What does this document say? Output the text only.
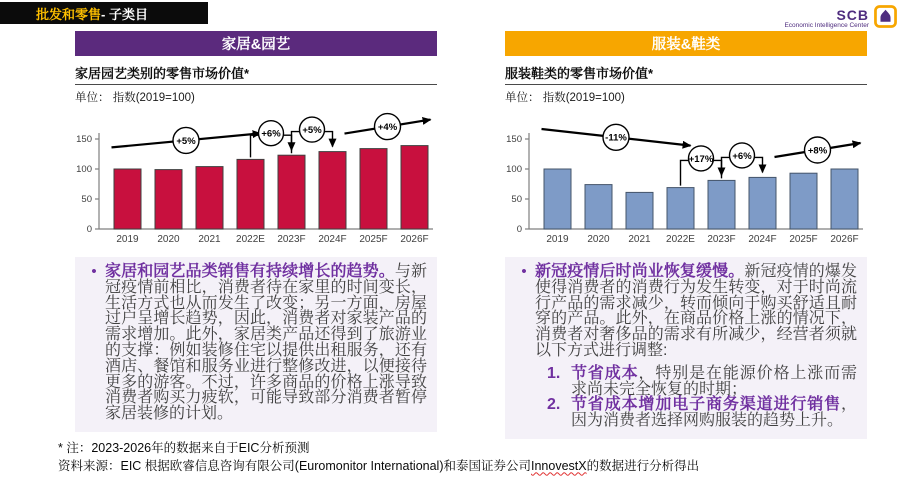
批发和零售 - 子类目	SCB
Economic Intelligence Center
家居&园艺
家居园艺类别的零售市场价值*
单位： 指数(2019=100)
0
50
100
150
2019 2020 2021 2022E 2023F 2024F 2025F 2026F
+5%
+6% +5%	+4%
• 家居和园艺品类销售有持续增长的趋势。与新冠疫情前相比，消费者待在家里的时间变长，生活方式也从而发生了改变；另一方面，房屋过户呈增长趋势，因此，消费者对家装产品的需求增加。此外，家居类产品还得到了旅游业的支撑：例如装修住宅以提供出租服务，还有酒店、餐馆和服务业进行整修改进，以便接待更多的游客。不过，许多商品的价格上涨导致消费者购买力疲软，可能导致部分消费者暂停家居装修的计划。
服装&鞋类
服装鞋类的零售市场价值*
单位： 指数(2019=100)
0
50
100
150
2019 2020 2021 2022E 2023F 2024F 2025F 2026F
-11%
+17% +6%	+8%
• 新冠疫情后时尚业恢复缓慢。新冠疫情的爆发使得消费者的消费行为发生转变，对于时尚流行产品的需求减少，转而倾向于购买舒适且耐穿的产品。此外，在商品价格上涨的情况下，消费者对奢侈品的需求有所减少，经营者须就以下方式进行调整:
1. 节省成本，特别是在能源价格上涨而需求尚未完全恢复的时期；
2. 节省成本增加电子商务渠道进行销售，因为消费者选择网购服装的趋势上升。
* 注：2023-2026年的数据来自于EIC分析预测
资料来源：EIC 根据欧睿信息咨询有限公司(Euromonitor International)和泰国证券公司InnovestX的数据进行分析得出
